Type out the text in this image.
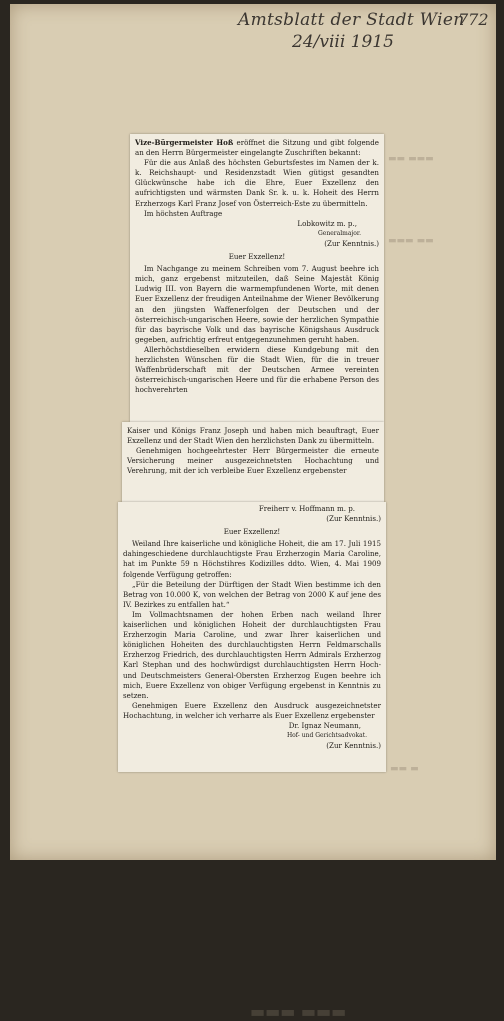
Amtsblatt der Stadt Wien
772
24/viii 1915
▬▬ ▬▬▬
▬▬▬ ▬▬
▬▬ ▬

Vize-Bürgermeister Hoß eröffnet die Sitzung und gibt folgende an den Herrn Bürgermeister eingelangte Zuschriften bekannt:

Für die aus Anlaß des höchsten Geburtsfestes im Namen der k. k. Reichshaupt- und Residenzstadt Wien gütigst gesandten Glückwünsche habe ich die Ehre, Euer Exzellenz den aufrichtigsten und wärmsten Dank Sr. k. u. k. Hoheit des Herrn Erzherzogs Karl Franz Josef von Österreich-Este zu übermitteln.

Im höchsten Auftrage

Lobkowitz m. p.,

Generalmajor.

(Zur Kenntnis.)

Euer Exzellenz!

Im Nachgange zu meinem Schreiben vom 7. August beehre ich mich, ganz ergebenst mitzuteilen, daß Seine Majestät König Ludwig III. von Bayern die warmempfundenen Worte, mit denen Euer Exzellenz der freudigen Anteilnahme der Wiener Bevölkerung an den jüngsten Waffenerfolgen der Deutschen und der österreichisch-ungarischen Heere, sowie der herzlichen Sympathie für das bayrische Volk und das bayrische Königshaus Ausdruck gegeben, aufrichtig erfreut entgegenzunehmen geruht haben.

Allerhöchstdieselben erwidern diese Kundgebung mit den herzlichsten Wünschen für die Stadt Wien, für die in treuer Waffenbrüderschaft mit der Deutschen Armee vereinten österreichisch-ungarischen Heere und für die erhabene Person des hochverehrten

Kaiser und Königs Franz Joseph und haben mich beauftragt, Euer Exzellenz und der Stadt Wien den herzlichsten Dank zu übermitteln.

Genehmigen hochgeehrtester Herr Bürgermeister die erneute Versicherung meiner ausgezeichnetsten Hochachtung und Verehrung, mit der ich verbleibe Euer Exzellenz ergebenster

▬▬▬ ▬▬▬

Freiherr v. Hoffmann m. p.

(Zur Kenntnis.)

Euer Exzellenz!

Weiland Ihre kaiserliche und königliche Hoheit, die am 17. Juli 1915 dahingeschiedene durchlauchtigste Frau Erzherzogin Maria Caroline, hat im Punkte 59 n Höchstihres Kodizilles ddto. Wien, 4. Mai 1909 folgende Verfügung getroffen:

„Für die Beteilung der Dürftigen der Stadt Wien bestimme ich den Betrag von 10.000 K, von welchen der Betrag von 2000 K auf jene des IV. Bezirkes zu entfallen hat.“

Im Vollmachtsnamen der hohen Erben nach weiland Ihrer kaiserlichen und königlichen Hoheit der durchlauchtigsten Frau Erzherzogin Maria Caroline, und zwar Ihrer kaiserlichen und königlichen Hoheiten des durchlauchtigsten Herrn Feldmarschalls Erzherzog Friedrich, des durchlauchtigsten Herrn Admirals Erzherzog Karl Stephan und des hochwürdigst durchlauchtigsten Herrn Hoch- und Deutschmeisters General-Obersten Erzherzog Eugen beehre ich mich, Euere Exzellenz von obiger Verfügung ergebenst in Kenntnis zu setzen.

Genehmigen Euere Exzellenz den Ausdruck ausgezeichnetster Hochachtung, in welcher ich verharre als Euer Exzellenz ergebenster

Dr. Ignaz Neumann,

Hof- und Gerichtsadvokat.

(Zur Kenntnis.)
